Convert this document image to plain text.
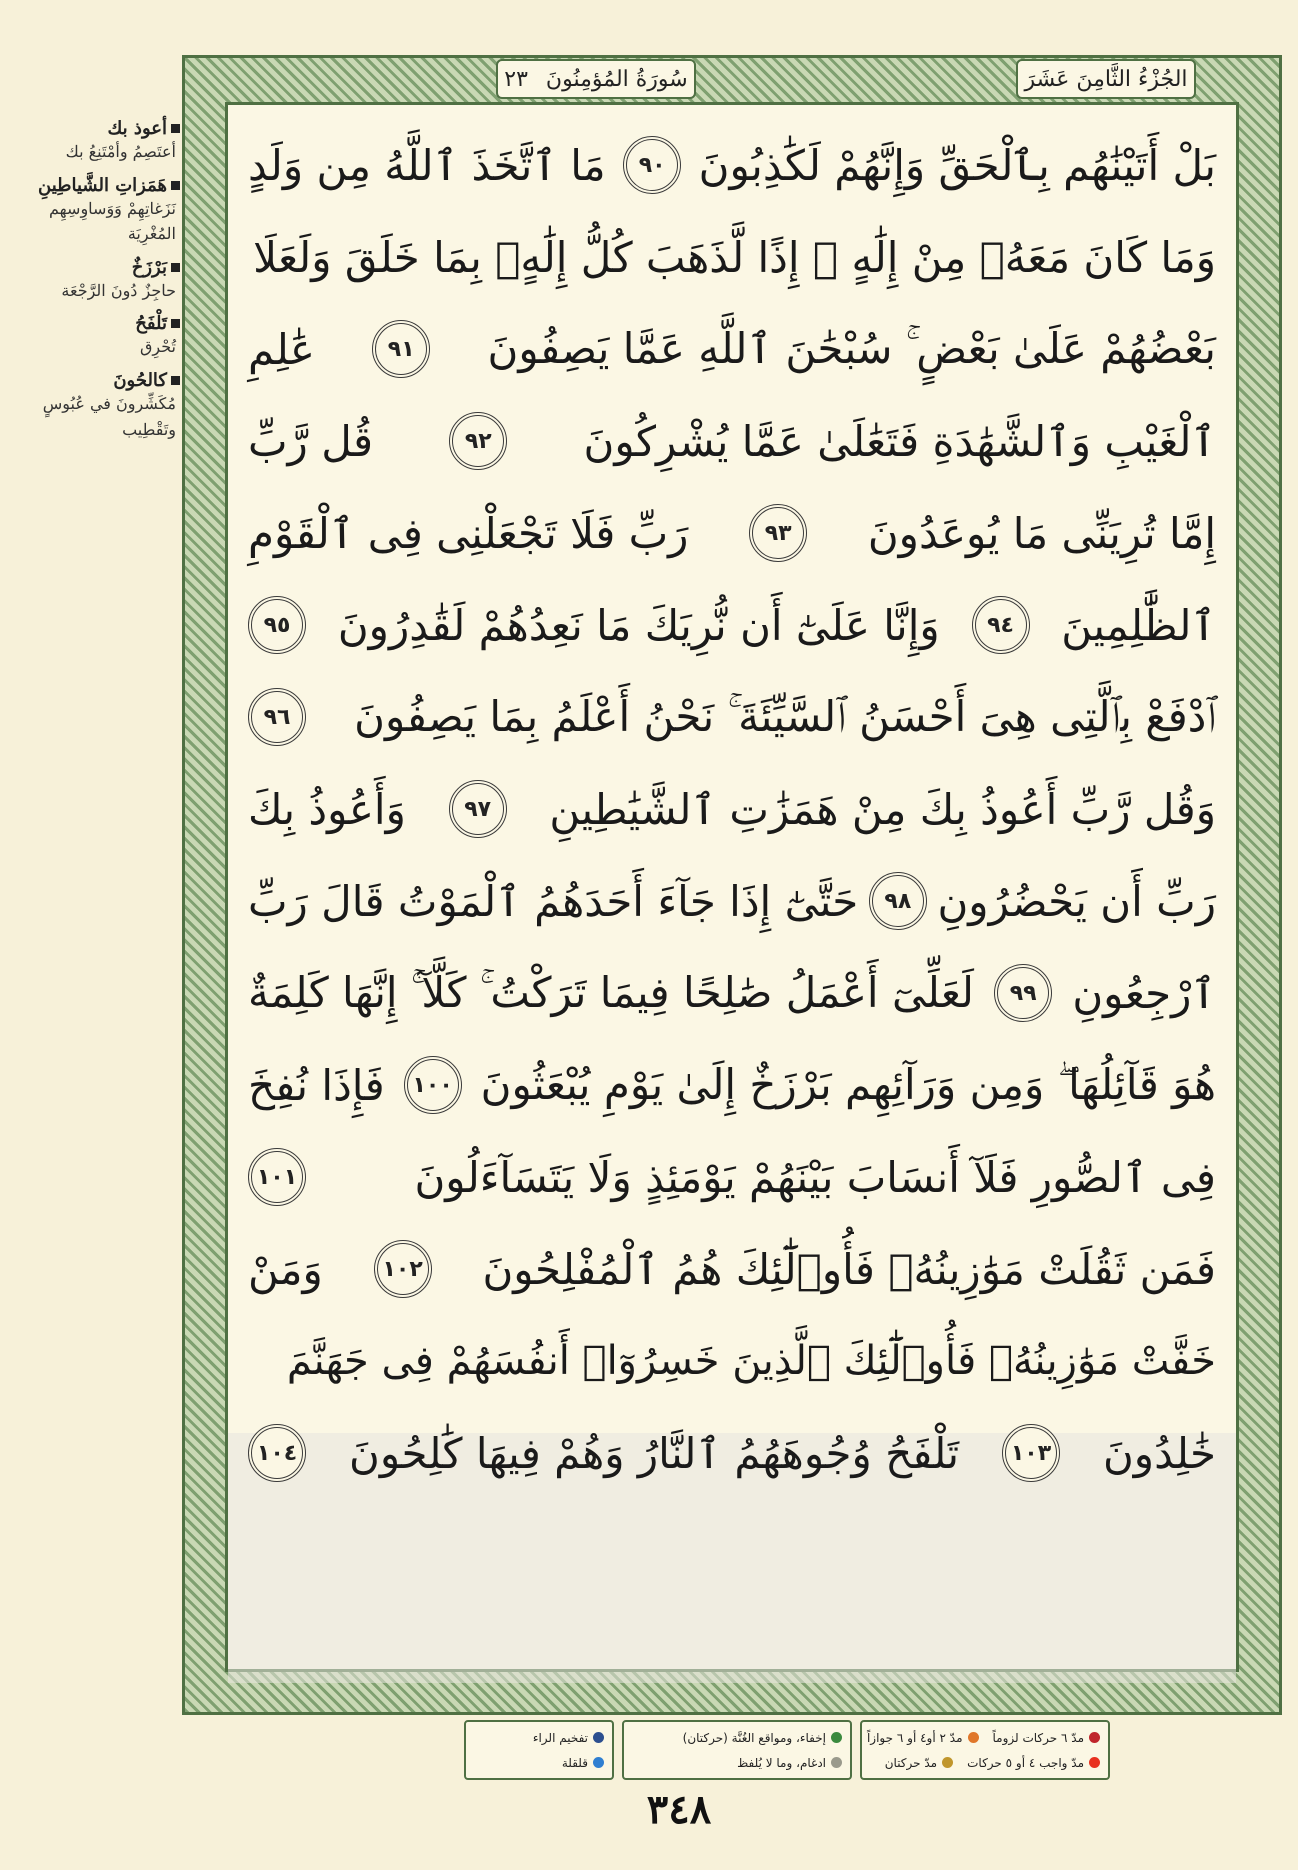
أعوذ بك
أعتَصِمُ وأمْتَنِعُ بك
هَمَزاتِ الشَّياطِينِ
نَزَغاتِهِمْ وَوَساوِسِهِم المُغْرِيَة
بَرْزَخٌ
حاجِزٌ دُونَ الرَّجْعَة
تَلْفَحُ
تُحْرِق
كالحُونَ
مُكَشِّرونَ في عُبُوسٍ وتَقْطِيب
سُورَةُ المُؤمِنُونَ
٢٣	الجُزْءُ الثَّامِنَ عَشَرَ
بَلْ أَتَيْنَٰهُم بِٱلْحَقِّ وَإِنَّهُمْ لَكَٰذِبُونَ
٩٠
مَا ٱتَّخَذَ ٱللَّهُ مِن وَلَدٍ
وَمَا كَانَ مَعَهُۥ مِنْ إِلَٰهٍ ۚ إِذًا لَّذَهَبَ كُلُّ إِلَٰهٍۭ بِمَا خَلَقَ وَلَعَلَا
بَعْضُهُمْ عَلَىٰ بَعْضٍ ۚ سُبْحَٰنَ ٱللَّهِ عَمَّا يَصِفُونَ
٩١
عَٰلِمِ
ٱلْغَيْبِ وَٱلشَّهَٰدَةِ فَتَعَٰلَىٰ عَمَّا يُشْرِكُونَ
٩٢
قُل رَّبِّ
إِمَّا تُرِيَنِّى مَا يُوعَدُونَ
٩٣
رَبِّ فَلَا تَجْعَلْنِى فِى ٱلْقَوْمِ
ٱلظَّٰلِمِينَ
٩٤
وَإِنَّا عَلَىٰٓ أَن نُّرِيَكَ مَا نَعِدُهُمْ لَقَٰدِرُونَ
٩٥
ٱدْفَعْ بِٱلَّتِى هِىَ أَحْسَنُ ٱلسَّيِّئَةَ ۚ نَحْنُ أَعْلَمُ بِمَا يَصِفُونَ
٩٦
وَقُل رَّبِّ أَعُوذُ بِكَ مِنْ هَمَزَٰتِ ٱلشَّيَٰطِينِ
٩٧
وَأَعُوذُ بِكَ
رَبِّ أَن يَحْضُرُونِ
٩٨
حَتَّىٰٓ إِذَا جَآءَ أَحَدَهُمُ ٱلْمَوْتُ قَالَ رَبِّ
ٱرْجِعُونِ
٩٩
لَعَلِّىٓ أَعْمَلُ صَٰلِحًا فِيمَا تَرَكْتُ ۚ كَلَّآ ۚ إِنَّهَا كَلِمَةٌ
هُوَ قَآئِلُهَا ۖ وَمِن وَرَآئِهِم بَرْزَخٌ إِلَىٰ يَوْمِ يُبْعَثُونَ
١٠٠
فَإِذَا نُفِخَ
فِى ٱلصُّورِ فَلَآ أَنسَابَ بَيْنَهُمْ يَوْمَئِذٍ وَلَا يَتَسَآءَلُونَ
١٠١
فَمَن ثَقُلَتْ مَوَٰزِينُهُۥ فَأُو۟لَٰٓئِكَ هُمُ ٱلْمُفْلِحُونَ
١٠٢
وَمَنْ
خَفَّتْ مَوَٰزِينُهُۥ فَأُو۟لَٰٓئِكَ ٱلَّذِينَ خَسِرُوٓا۟ أَنفُسَهُمْ فِى جَهَنَّمَ
خَٰلِدُونَ
١٠٣
تَلْفَحُ وُجُوهَهُمُ ٱلنَّارُ وَهُمْ فِيهَا كَٰلِحُونَ
١٠٤
مدّ ٦ حركات لزوماً
مدّ ٢ أو٤ أو ٦ جوازاً
مدّ واجب ٤ أو ٥ حركات
مدّ حركتان
إخفاء، ومواقع الغُنَّة (حركتان)
ادغام، وما لا يُلفظ
تفخيم الراء
قلقلة
٣٤٨
